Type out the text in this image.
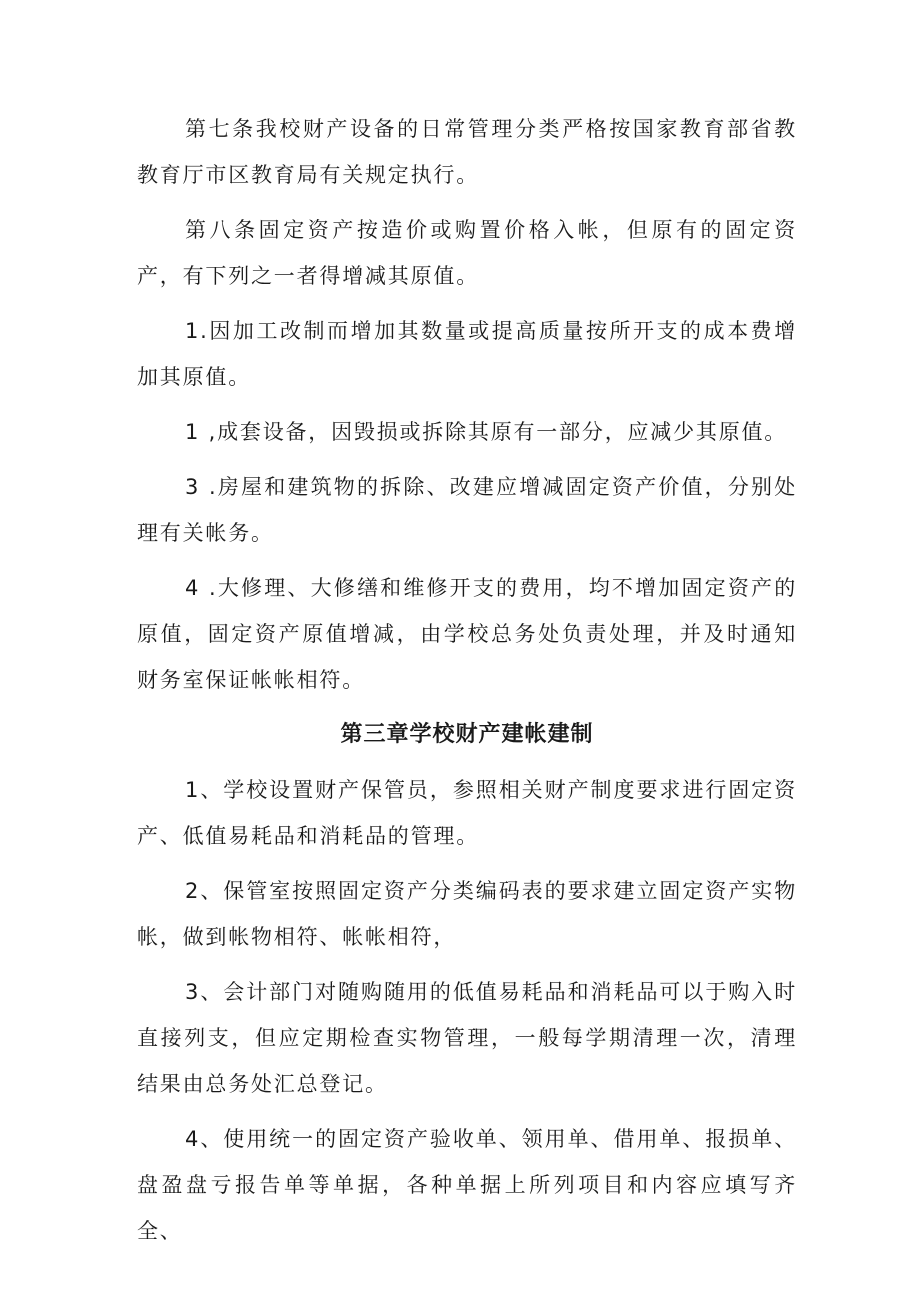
第七条我校财产设备的日常管理分类严格按国家教育部省教教育厅市区教育局有关规定执行。

第八条固定资产按造价或购置价格入帐，但原有的固定资产，有下列之一者得增减其原值。

1.因加工改制而增加其数量或提高质量按所开支的成本费增加其原值。

1 ,成套设备，因毁损或拆除其原有一部分，应减少其原值。

3 .房屋和建筑物的拆除、改建应增减固定资产价值，分别处理有关帐务。

4 .大修理、大修缮和维修开支的费用，均不增加固定资产的原值，固定资产原值增减，由学校总务处负责处理，并及时通知财务室保证帐帐相符。

第三章学校财产建帐建制

1、学校设置财产保管员，参照相关财产制度要求进行固定资产、低值易耗品和消耗品的管理。

2、保管室按照固定资产分类编码表的要求建立固定资产实物帐，做到帐物相符、帐帐相符，

3、会计部门对随购随用的低值易耗品和消耗品可以于购入时直接列支，但应定期检查实物管理，一般每学期清理一次，清理结果由总务处汇总登记。

4、使用统一的固定资产验收单、领用单、借用单、报损单、盘盈盘亏报告单等单据，各种单据上所列项目和内容应填写齐全、
